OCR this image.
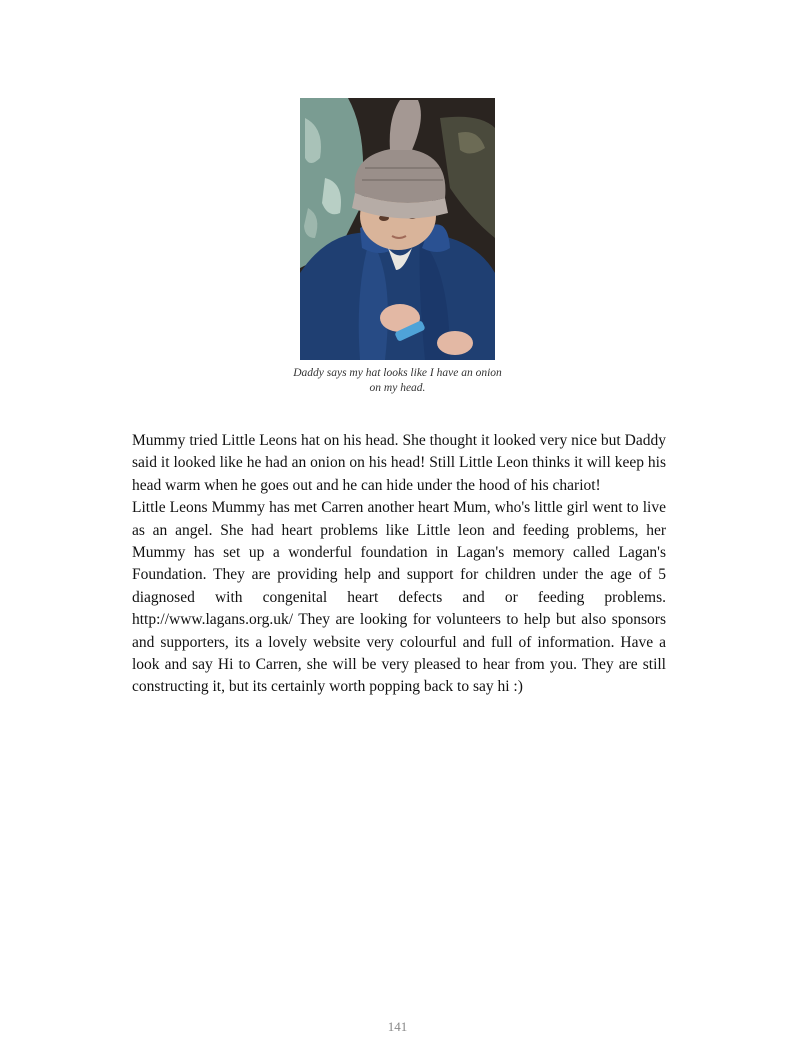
Daddy says my hat looks like I have an onion on my head.

Mummy tried Little Leons hat on his head. She thought it looked very nice but Daddy said it looked like he had an onion on his head! Still Little Leon thinks it will keep his head warm when he goes out and he can hide under the hood of his chariot!

Little Leons Mummy has met Carren another heart Mum, who's little girl went to live as an angel. She had heart problems like Little leon and feeding problems, her Mummy has set up a wonderful foundation in Lagan's memory called Lagan's Foundation. They are providing help and support for children under the age of 5 diagnosed with congenital heart defects and or feeding problems. http://www.lagans.org.uk/ They are looking for volunteers to help but also sponsors and supporters, its a lovely website very colourful and full of information. Have a look and say Hi to Carren, she will be very pleased to hear from you. They are still constructing it, but its certainly worth popping back to say hi :)

141
